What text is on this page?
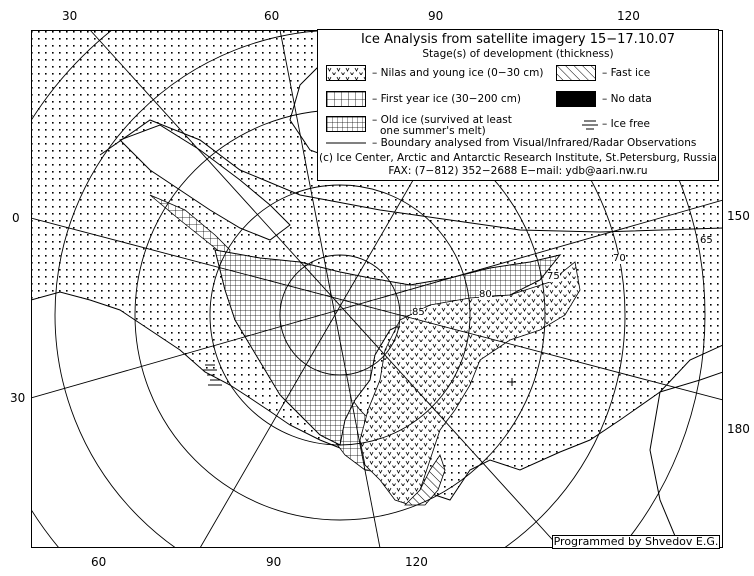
30	60	90	120
60	90	120
0
30
150
180
65
70
75
80
85
Ice Analysis from satellite imagery 15−17.10.07
Stage(s) of development (thickness)
– Nilas and young ice (0−30 cm)	– Fast ice
– First year ice (30−200 cm)	– No data
– Old ice (survived at least
one summer's melt)
– Ice free
– Boundary analysed from Visual/Infrared/Radar Observations
(c) Ice Center, Arctic and Antarctic Research Institute, St.Petersburg, Russia
FAX: (7−812) 352−2688 E−mail: ydb@aari.nw.ru
Programmed by Shvedov E.G.
